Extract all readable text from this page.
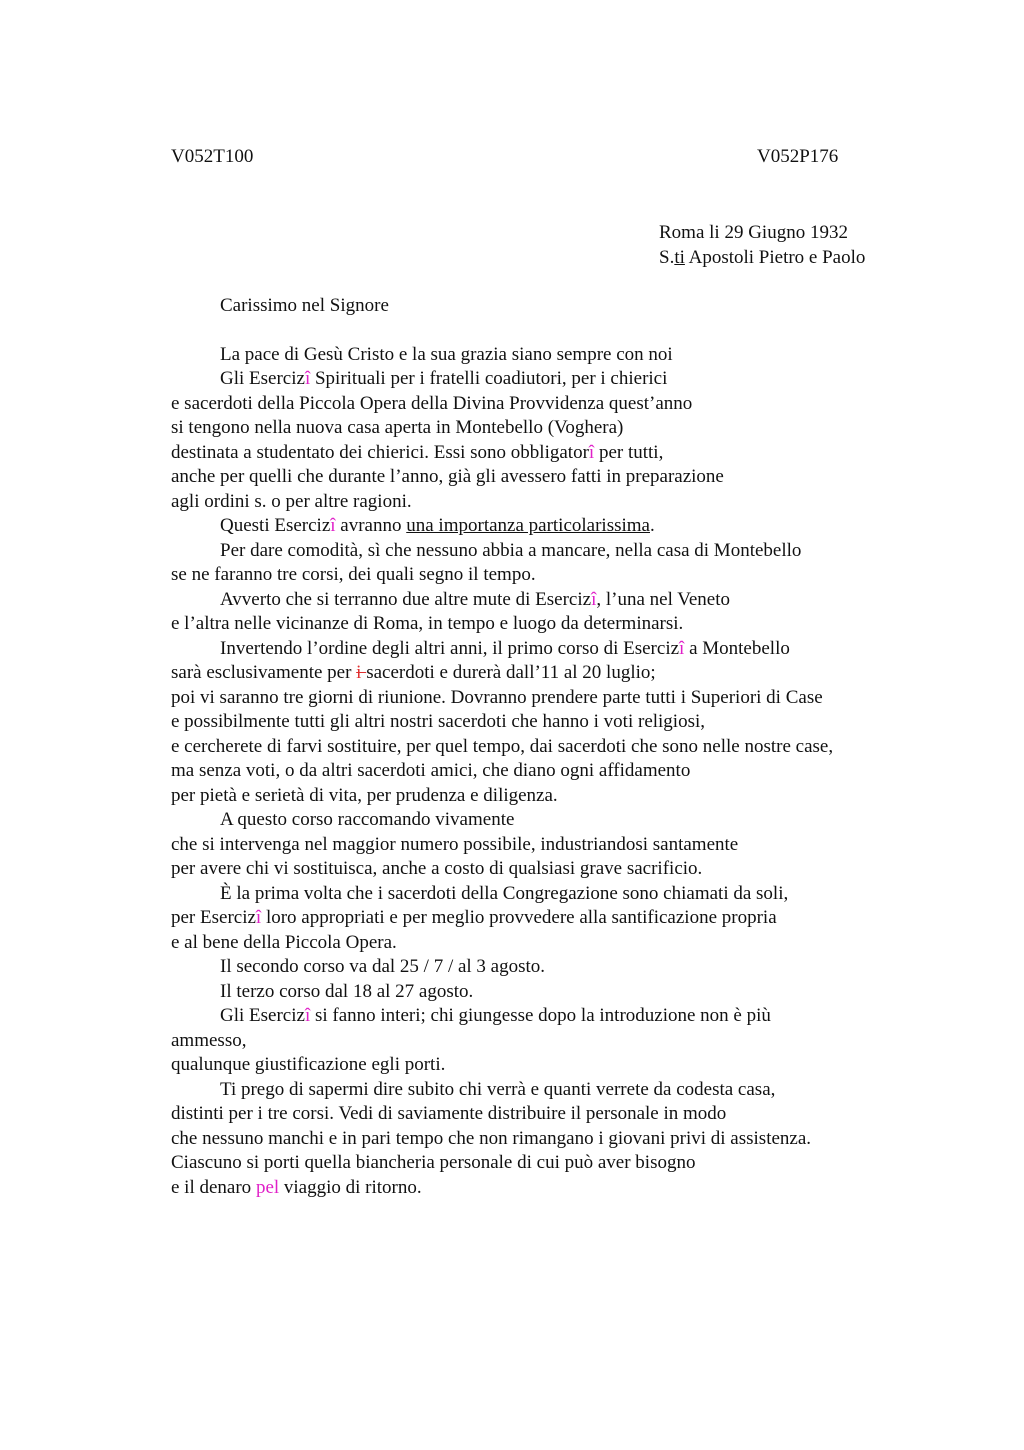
V052T100	V052P176
Roma li 29 Giugno 1932
S.ti Apostoli Pietro e Paolo
Carissimo nel Signore
La pace di Gesù Cristo e la sua grazia siano sempre con noi
Gli Esercizî Spirituali per i fratelli coadiutori, per i chierici
e sacerdoti della Piccola Opera della Divina Provvidenza quest’anno
si tengono nella nuova casa aperta in Montebello (Voghera)
destinata a studentato dei chierici. Essi sono obbligatorî per tutti,
anche per quelli che durante l’anno, già gli avessero fatti in preparazione
agli ordini s. o per altre ragioni.
Questi Esercizî avranno una importanza particolarissima.
Per dare comodità, sì che nessuno abbia a mancare, nella casa di Montebello
se ne faranno tre corsi, dei quali segno il tempo.
Avverto che si terranno due altre mute di Esercizî, l’una nel Veneto
e l’altra nelle vicinanze di Roma, in tempo e luogo da determinarsi.
Invertendo l’ordine degli altri anni, il primo corso di Esercizî a Montebello
sarà esclusivamente per i sacerdoti e durerà dall’11 al 20 luglio;
poi vi saranno tre giorni di riunione. Dovranno prendere parte tutti i Superiori di Case
e possibilmente tutti gli altri nostri sacerdoti che hanno i voti religiosi,
e cercherete di farvi sostituire, per quel tempo, dai sacerdoti che sono nelle nostre case,
ma senza voti, o da altri sacerdoti amici, che diano ogni affidamento
per pietà e serietà di vita, per prudenza e diligenza.
A questo corso raccomando vivamente
che si intervenga nel maggior numero possibile, industriandosi santamente
per avere chi vi sostituisca, anche a costo di qualsiasi grave sacrificio.
È la prima volta che i sacerdoti della Congregazione sono chiamati da soli,
per Esercizî loro appropriati e per meglio provvedere alla santificazione propria
e al bene della Piccola Opera.
Il secondo corso va dal 25 / 7 / al 3 agosto.
Il terzo corso dal 18 al 27 agosto.
Gli Esercizî si fanno interi; chi giungesse dopo la introduzione non è più
ammesso,
qualunque giustificazione egli porti.
Ti prego di sapermi dire subito chi verrà e quanti verrete da codesta casa,
distinti per i tre corsi. Vedi di saviamente distribuire il personale in modo
che nessuno manchi e in pari tempo che non rimangano i giovani privi di assistenza.
Ciascuno si porti quella biancheria personale di cui può aver bisogno
e il denaro pel viaggio di ritorno.
